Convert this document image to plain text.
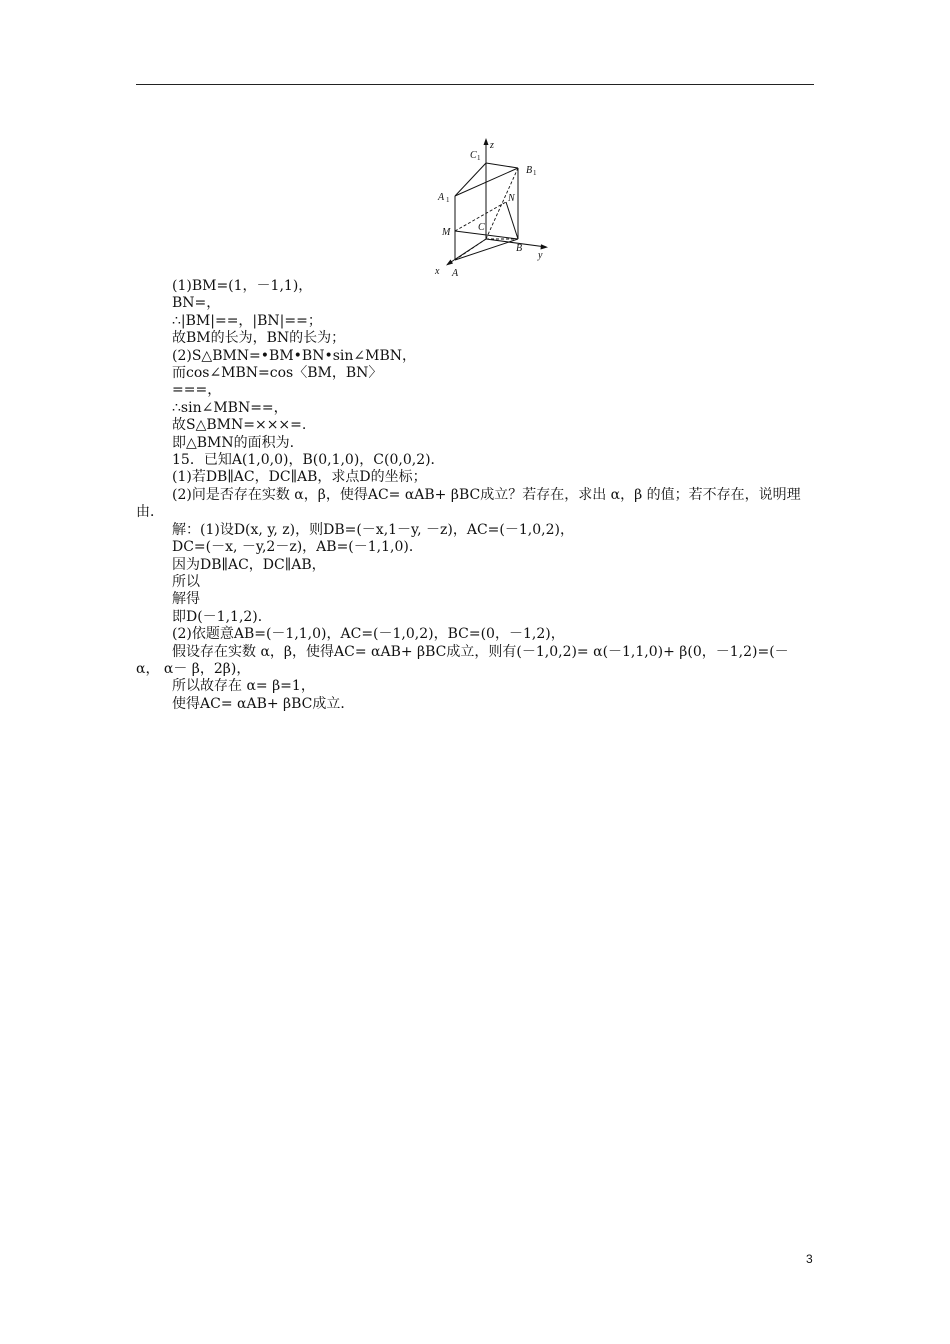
z
y
x A
B
C
M
N
A 1
B 1
C 1
(1)BM=(1，－1,1)，
BN=，
∴|BM|==，|BN|==；
故BM的长为，BN的长为；
(2)S△BMN=•BM•BN•sin∠MBN，
而cos∠MBN=cos〈BM，BN〉
===，
∴sin∠MBN==，
故S△BMN=×××=.
即△BMN的面积为.
15．已知A(1,0,0)，B(0,1,0)，C(0,0,2)．
(1)若DB∥AC，DC∥AB，求点D的坐标；
(2)问是否存在实数 α，β，使得AC= αAB+ βBC成立？若存在，求出 α，β 的值；若不存在，说明理由．
解：(1)设D(x, y, z)，则DB=(－x,1－y, －z)，AC=(－1,0,2)，
DC=(－x, －y,2－z)，AB=(－1,1,0)．
因为DB∥AC，DC∥AB，
所以
解得
即D(－1,1,2)．
(2)依题意AB=(－1,1,0)，AC=(－1,0,2)，BC=(0，－1,2)，
假设存在实数 α，β，使得AC= αAB+ βBC成立，则有(－1,0,2)= α(－1,1,0)+ β(0，－1,2)=(－ α， α－ β，2β)，
所以故存在 α= β=1，
使得AC= αAB+ βBC成立．
3
